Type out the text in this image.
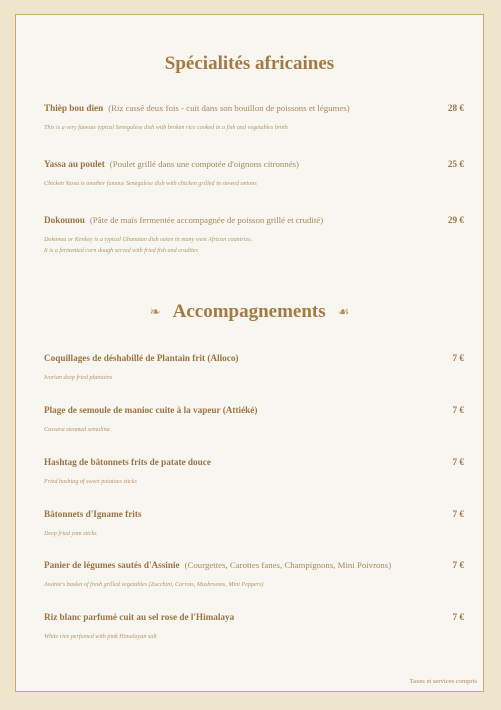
Spécialités africaines
Thièp bou dien (Riz cassé deux fois - cuit dans son bouillon de poissons et légumes)	28 €
This is a very famous typical Senegalese dish with broken rice cooked in a fish and vegetables broth
Yassa au poulet (Poulet grillé dans une compotée d'oignons citronnés)	25 €
Chicken Yassa is another famous Senegalese dish with chicken grilled in stewed onions
Dokounou (Pâte de maïs fermentée accompagnée de poisson grillé et crudité)	29 €
Dokonou or Kenkey is a typical Ghanaian dish eaten in many west African countries.
It is a fermented corn dough served with fried fish and crudites
❧ Accompagnements ☙
Coquillages de déshabillé de Plantain frit (Alloco)	7 €
Ivorian deep fried plantains
Plage de semoule de manioc cuite à la vapeur (Attiéké)	7 €
Cassava steamed semolina
Hashtag de bâtonnets frits de patate douce	7 €
Fried hashtag of sweet potatoes sticks
Bâtonnets d'Igname frits	7 €
Deep fried yam sticks
Panier de légumes sautés d'Assinie (Courgettes, Carottes fanes, Champignons, Mini Poivrons)	7 €
Assinie's basket of fresh grilled vegetables (Zucchini, Carrots, Mushrooms, Mini Peppers)
Riz blanc parfumé cuit au sel rose de l'Himalaya	7 €
White rice perfumed with pink Himalayan salt
Taxes et services compris
